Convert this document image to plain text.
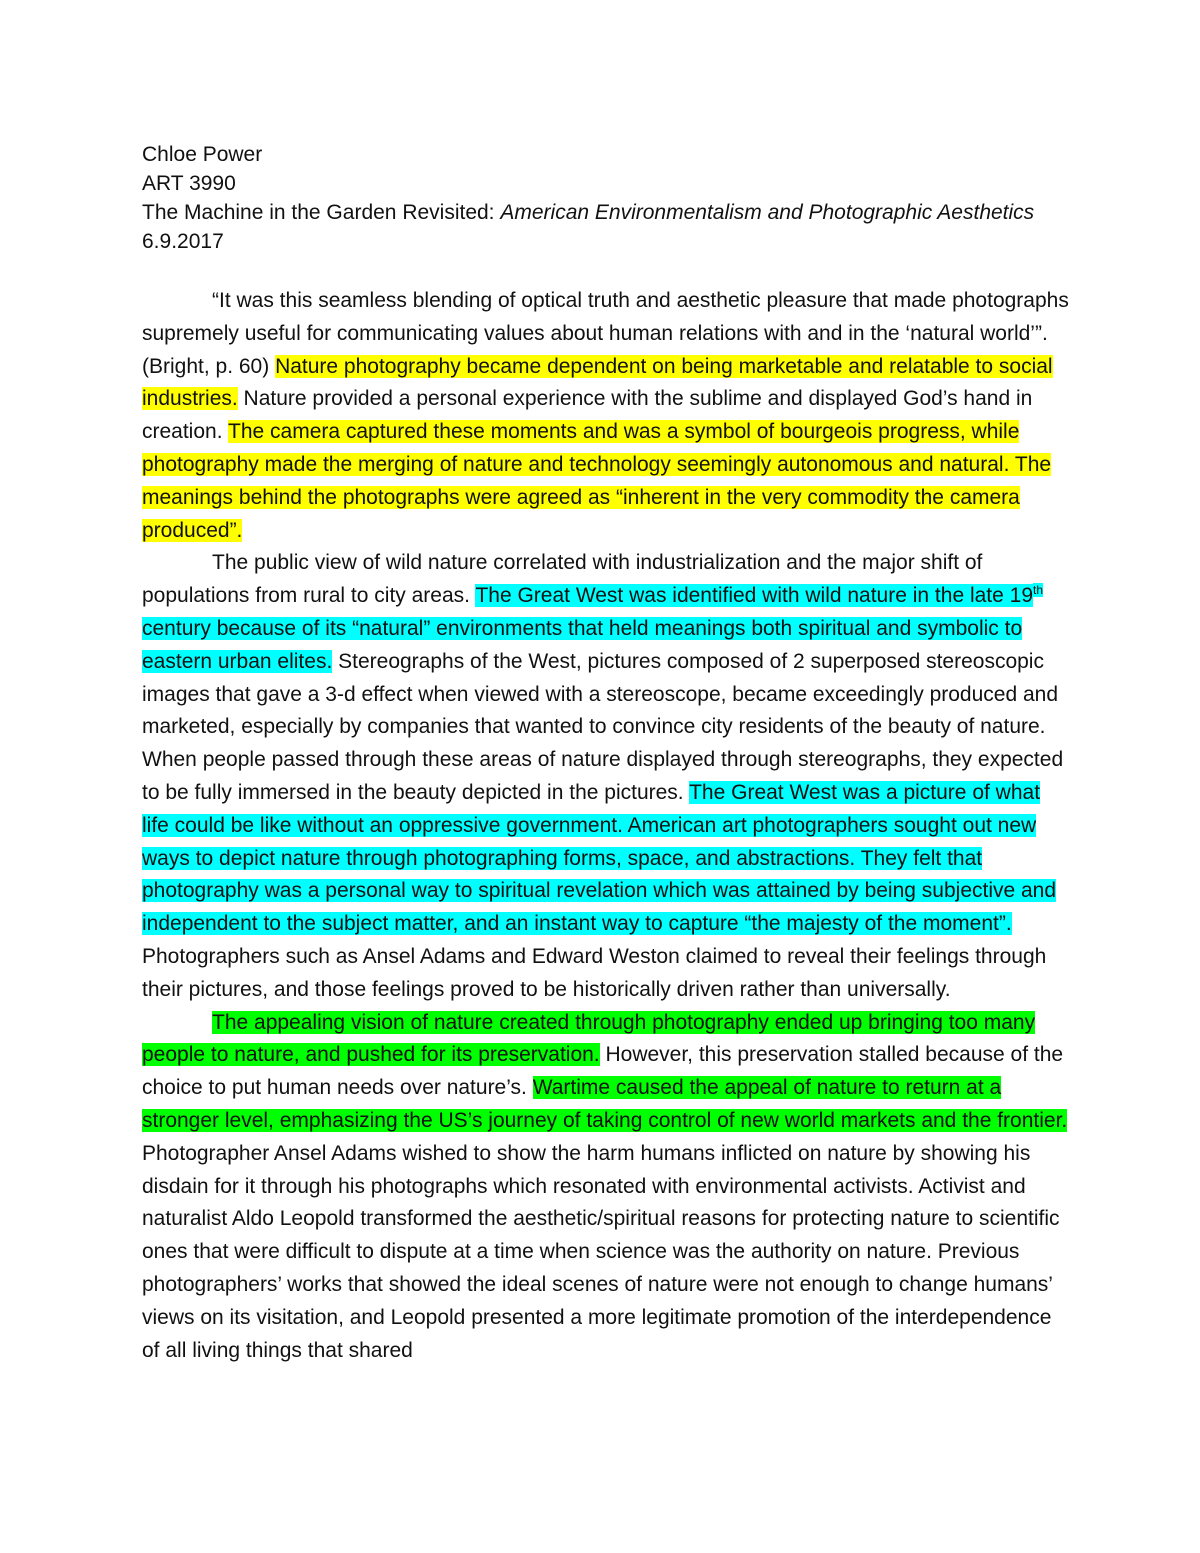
Chloe Power
ART 3990
The Machine in the Garden Revisited: American Environmentalism and Photographic Aesthetics
6.9.2017

“It was this seamless blending of optical truth and aesthetic pleasure that made photographs supremely useful for communicating values about human relations with and in the ‘natural world’”. (Bright, p. 60) Nature photography became dependent on being marketable and relatable to social industries. Nature provided a personal experience with the sublime and displayed God’s hand in creation. The camera captured these moments and was a symbol of bourgeois progress, while photography made the merging of nature and technology seemingly autonomous and natural. The meanings behind the photographs were agreed as “inherent in the very commodity the camera produced”.

The public view of wild nature correlated with industrialization and the major shift of populations from rural to city areas. The Great West was identified with wild nature in the late 19th century because of its “natural” environments that held meanings both spiritual and symbolic to eastern urban elites. Stereographs of the West, pictures composed of 2 superposed stereoscopic images that gave a 3-d effect when viewed with a stereoscope, became exceedingly produced and marketed, especially by companies that wanted to convince city residents of the beauty of nature. When people passed through these areas of nature displayed through stereographs, they expected to be fully immersed in the beauty depicted in the pictures. The Great West was a picture of what life could be like without an oppressive government. American art photographers sought out new ways to depict nature through photographing forms, space, and abstractions. They felt that photography was a personal way to spiritual revelation which was attained by being subjective and independent to the subject matter, and an instant way to capture “the majesty of the moment”. Photographers such as Ansel Adams and Edward Weston claimed to reveal their feelings through their pictures, and those feelings proved to be historically driven rather than universally.

The appealing vision of nature created through photography ended up bringing too many people to nature, and pushed for its preservation. However, this preservation stalled because of the choice to put human needs over nature’s. Wartime caused the appeal of nature to return at a stronger level, emphasizing the US’s journey of taking control of new world markets and the frontier. Photographer Ansel Adams wished to show the harm humans inflicted on nature by showing his disdain for it through his photographs which resonated with environmental activists. Activist and naturalist Aldo Leopold transformed the aesthetic/spiritual reasons for protecting nature to scientific ones that were difficult to dispute at a time when science was the authority on nature. Previous photographers’ works that showed the ideal scenes of nature were not enough to change humans’ views on its visitation, and Leopold presented a more legitimate promotion of the interdependence of all living things that shared
